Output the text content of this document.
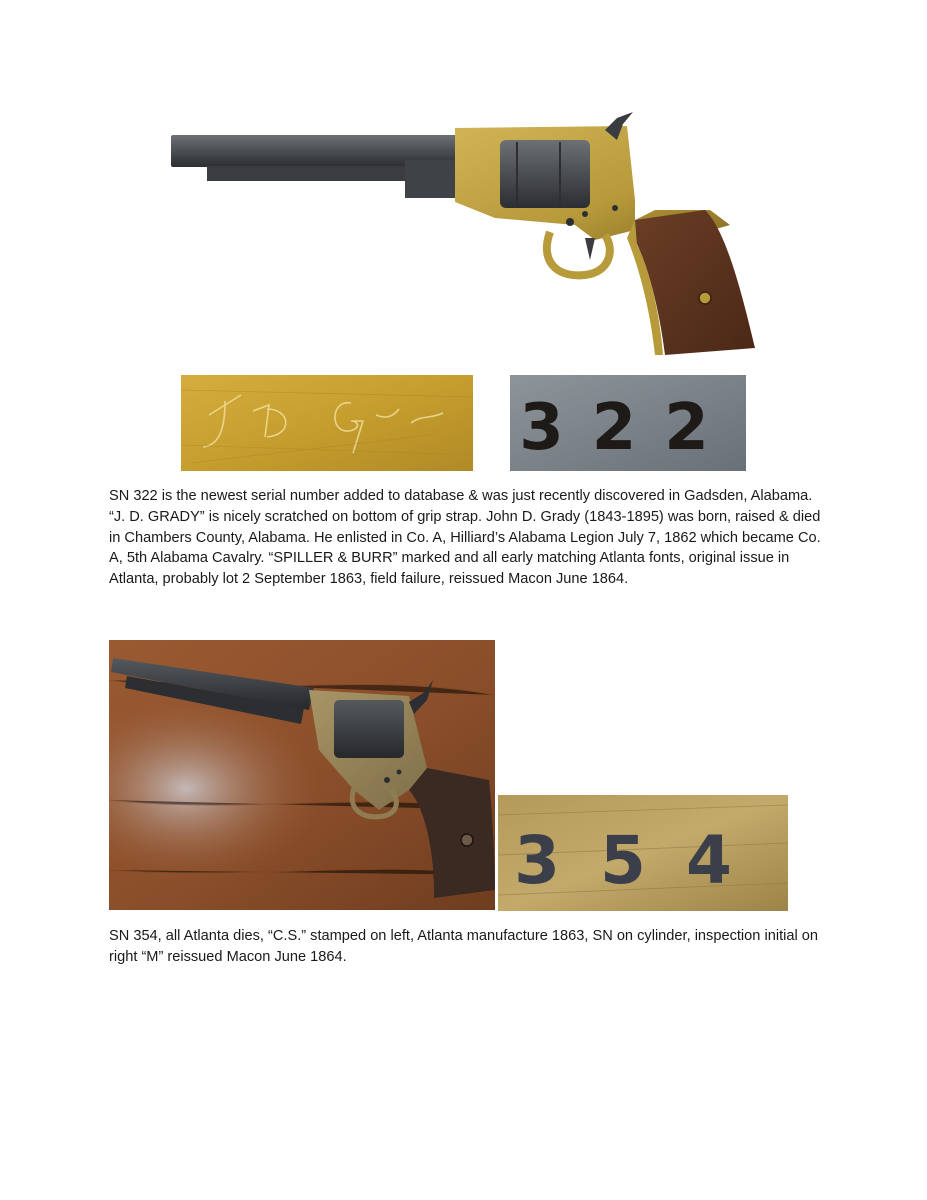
322

SN 322 is the newest serial number added to database & was just recently discovered in Gadsden, Alabama. “J. D. GRADY” is nicely scratched on bottom of grip strap. John D. Grady (1843-1895) was born, raised & died in Chambers County, Alabama. He enlisted in Co. A, Hilliard’s Alabama Legion July 7, 1862 which became Co. A, 5th Alabama Cavalry. “SPILLER & BURR” marked and all early matching Atlanta fonts, original issue in Atlanta, probably lot 2 September 1863, field failure, reissued Macon June 1864.

354

SN 354, all Atlanta dies, “C.S.” stamped on left, Atlanta manufacture 1863, SN on cylinder, inspection initial on right “M” reissued Macon June 1864.
